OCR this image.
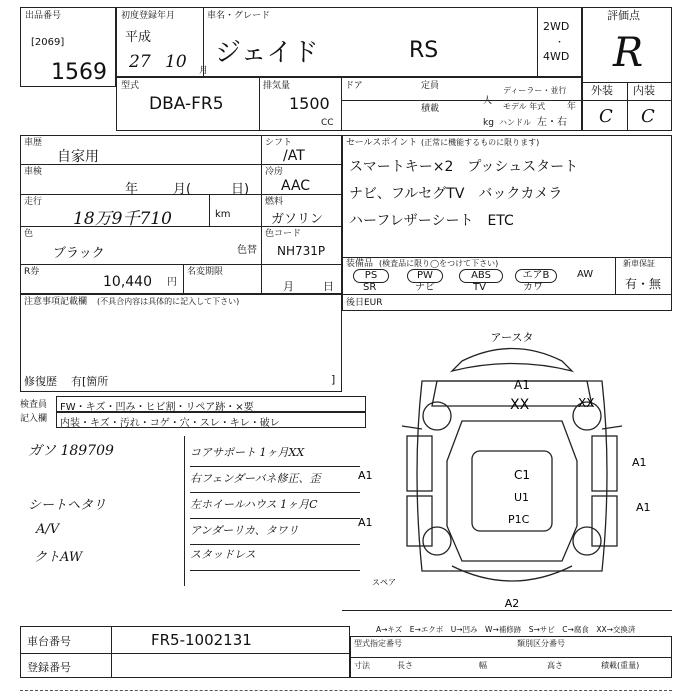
出品番号
[2069]
1569
初度登録年月
平成
27 10 月
車名・グレード
ジェイド	RS
2WD
・
4WD
評価点
R
外装 内装
C C
型式
DBA-FR5
排気量
1500
CC
ドア	定員
人
ディーラー・並行
積載
kg
モデル 年式 年
ハンドル 左・右
車歴
自家用
シフト
/AT
車検
年	月(	日)
冷房
AAC
走行
18万9千710	km
燃料
ガソリン
色
ブラック	色替
色コード
NH731P
R券
10,440 円
名変期限
月	日
セールスポイント (正常に機能するものに限ります)
スマートキー×2　プッシュスタート
ナビ、フルセグTV　バックカメラ
ハーフレザーシート　ETC
装備品 (検査品に限り◯をつけて下さい)	新車保証
有・無
PS	PW	ABS	エアB	AW
SR	ナビ	TV	カワ
注意事項記載欄 (不具合内容は具体的に記入して下さい)
修復歴 有[箇所	]
後日EUR
検査員
記入欄
FW・キズ・凹み・ヒビ割・リペア跡・×要
内装・キズ・汚れ・コゲ・穴・スレ・キレ・破レ
ガソ 189709
シートヘタリ
A/V
クトAW
コアサポート 1ヶ月XX
右フェンダーバネ修正、歪
左ホイールハウス 1ヶ月C
アンダーリカ、タワリ
スタッドレス
アースタ
A2
スペア
A1
XX	XX
A1
A1	C1
U1
P1C
A1
A1
A→キズ　E→エクボ　U→凹み　W→補修跡　S→サビ　C→腐食　XX→交換済
車台番号	FR5-1002131
登録番号
型式指定番号	類別区分番号
寸法	長さ	幅	高さ	積載(重量)
